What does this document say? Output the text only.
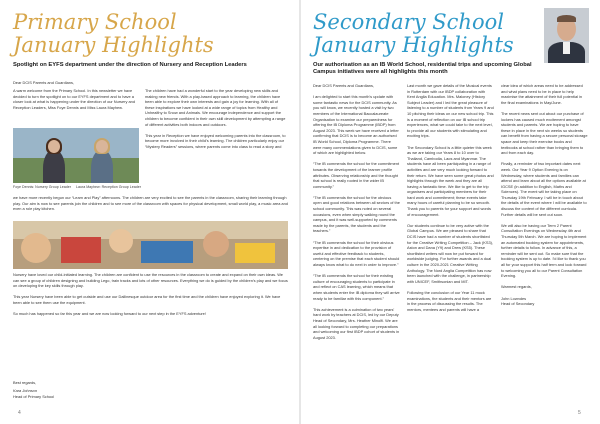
Primary School
January Highlights
Spotlight on EYFS department under the direction of Nursery and Reception Leaders
Dear DCIS Parents and Guardians,
A warm welcome from the Primary School. In this newsletter we have decided to turn the spotlight on to our EYFS department and to have a closer look at what is happening under the direction of our Nursery and Reception Leaders, Miss Foye Dennis and Miss Laura Mayhew.
Foye Dennis: Nursery Group Leader Laura Mayhew: Reception Group Leader
The children have had a wonderful start to the year developing new skills and making new friends. With a play-based approach to learning, the children have been able to explore their own interests and gain a joy for learning. With all of these inspirations we have looked at a wide range of topics from Healthy and Unhealthy to Snow and Animals. We encourage independence and support the children to become confident in their own skill development by attempting a range of different activities both indoors and outdoors.

This year in Reception we have enjoyed welcoming parents into the classroom, to become more involved in their child's learning. The children particularly enjoy our “Mystery Readers” sessions, where parents come into class to read a story and
we have more recently begun our “Learn and Play” afternoons. The children are very excited to see the parents in the classroom, sharing their learning through play. Our aim is now to see parents join the children and to see more of the classroom with spaces for physical development, small world play, a music area and even a role play kitchen.
Nursery have loved our child-initiated learning. The children are confident to use the resources in the classroom to create and expand on their own ideas. We can see a group of children designing and building Lego, train tracks and lots of other resources. Everything we do is guided by the children's play and we focus on developing the key skills through play.

This year Nursery have been able to get outside and use our Dallinesque outdoor area for the first time and the children have enjoyed exploring it. We have been able to see them use the equipment.

So much has happened so far this year and we are now looking forward to our next step in the EYFS adventure!
Best regards,
Kara Johnson
Head of Primary School
4
Secondary School
January Highlights
Our authorisation as an IB World School, residential trips and upcoming Global Campus initiatives were all highlights this month
Dear DCIS Parents and Guardians,

I am delighted to start this month's update with some fantastic news for the DCIS community. As you will know, we recently hosted a visit by two members of the International Baccalaureate Organisation to examine our preparedness for offering the IB Diploma Programme (IBDP) from August 2023. This week we have received a letter confirming that DCIS is to become an authorised IB World School, Diploma Programme. There were many commendations given to DCIS, some of which are highlighted below.

“The IB commends the school for the commitment towards the development of the learner profile attributes. Observing relationship and the thought that school is really rooted in the wider IB community.”

“The IB commends the school for the obvious open and good relations between all sectors of the school community. This was noted on several occasions, even when simply walking round the campus, and it was well-supported by comments made by the parents, the students and the teachers.”

“The IB commends the school for their obvious expertise in and dedication to the provision of useful and effective feedback to students, centering on the premise that each student should always know what to do next in order to improve.”

“The IB commends the school for their existing culture of encouraging students to participate in and reflect on CAS learning, which means that when students enter the IB diploma they will arrive ready to be familiar with this component.”

This achievement is a culmination of two years' hard work by teachers at DCIS, led by our Deputy Head of Secondary, Mrs. Heather Minolfi. We are all looking forward to completing our preparations and welcoming our first IBDP cohort of students in August 2023.
Last month we gave details of the Musical events in Rotterdam with our IBDP collaboration with Kent Anglia Education. Mrs. Maloney (History Subject Leader) and I led the great pleasure of listening to a number of students from Years 9 and 10 pitching their ideas on our new school trip. This is a moment of reflection on our IB school trip experiences, what we could take to the next level, to provide all our students with stimulating and exciting trips.

The Secondary School is a little quieter this week as we are taking our Years 8 to 10 over to Thailand, Cambodia, Laos and Myanmar. The students have all been participating in a range of activities and are very much looking forward to their return. We have seen some great photos and highlights through the week and they are all having a fantastic time. We like to get to the trip organisers and participating members for their hard work and commitment; these events take many hours of careful planning to be so smooth. Thank you to parents for your support and words of encouragement.

Our students continue to be very active with the Global Campus. We are pleased to share that DCIS have had a number of students shortlisted for the Creative Writing Competition – Jack (KS3), Aston and Dana (Y9) and Drew (KS5). These shortlisted writers will now be put forward for worldwide judging. For further awards and a dual culture in the 2020-2021 Creative Writing Anthology. The Nord Anglia Competition has now been launched with the challenge, in partnership with UNICEF, Smithsonian and MIT.

Following the conclusion of our Year 11 mock examinations, the students and their mentors are in the process of discussing the results. The mentors, mentees and parents will have a
clear idea of which areas need to be addressed and what plans need to be in place to help maximise the attainment of their full potential in the final examinations in May/June.

The recent news sent out about our purchase of lockers has caused much excitement amongst students and parents. We are hoping to have these in place in the next six weeks so students can benefit from having a secure personal storage space and keep their exercise books and textbooks at school rather than bringing them to and from each day.

Finally, a reminder of two important dates next week. Our Year 9 Option Evening is on Wednesday, where students and families can attend and learn about all the options available at IGCSE (in addition to English, Maths and Sciences). The event will be taking place on Thursday 19th February. I will be in touch about the details of the event where I will be available to discuss the content of the different curricula. Further details will be sent out soon.

We will also be having our Term 2 Parent Consultation Evenings on Wednesday 4th and Thursday 5th March. We are hoping to implement an automated booking system for appointments, further details to follow. In advance of this, a reminder will be sent out. So make sure that the booking system is up to date. I'd like to thank you all for your support this half term and look forward to welcoming you all to our Parent Consultation Evening.

Warmest regards,

John Lowndes
Head of Secondary
5
